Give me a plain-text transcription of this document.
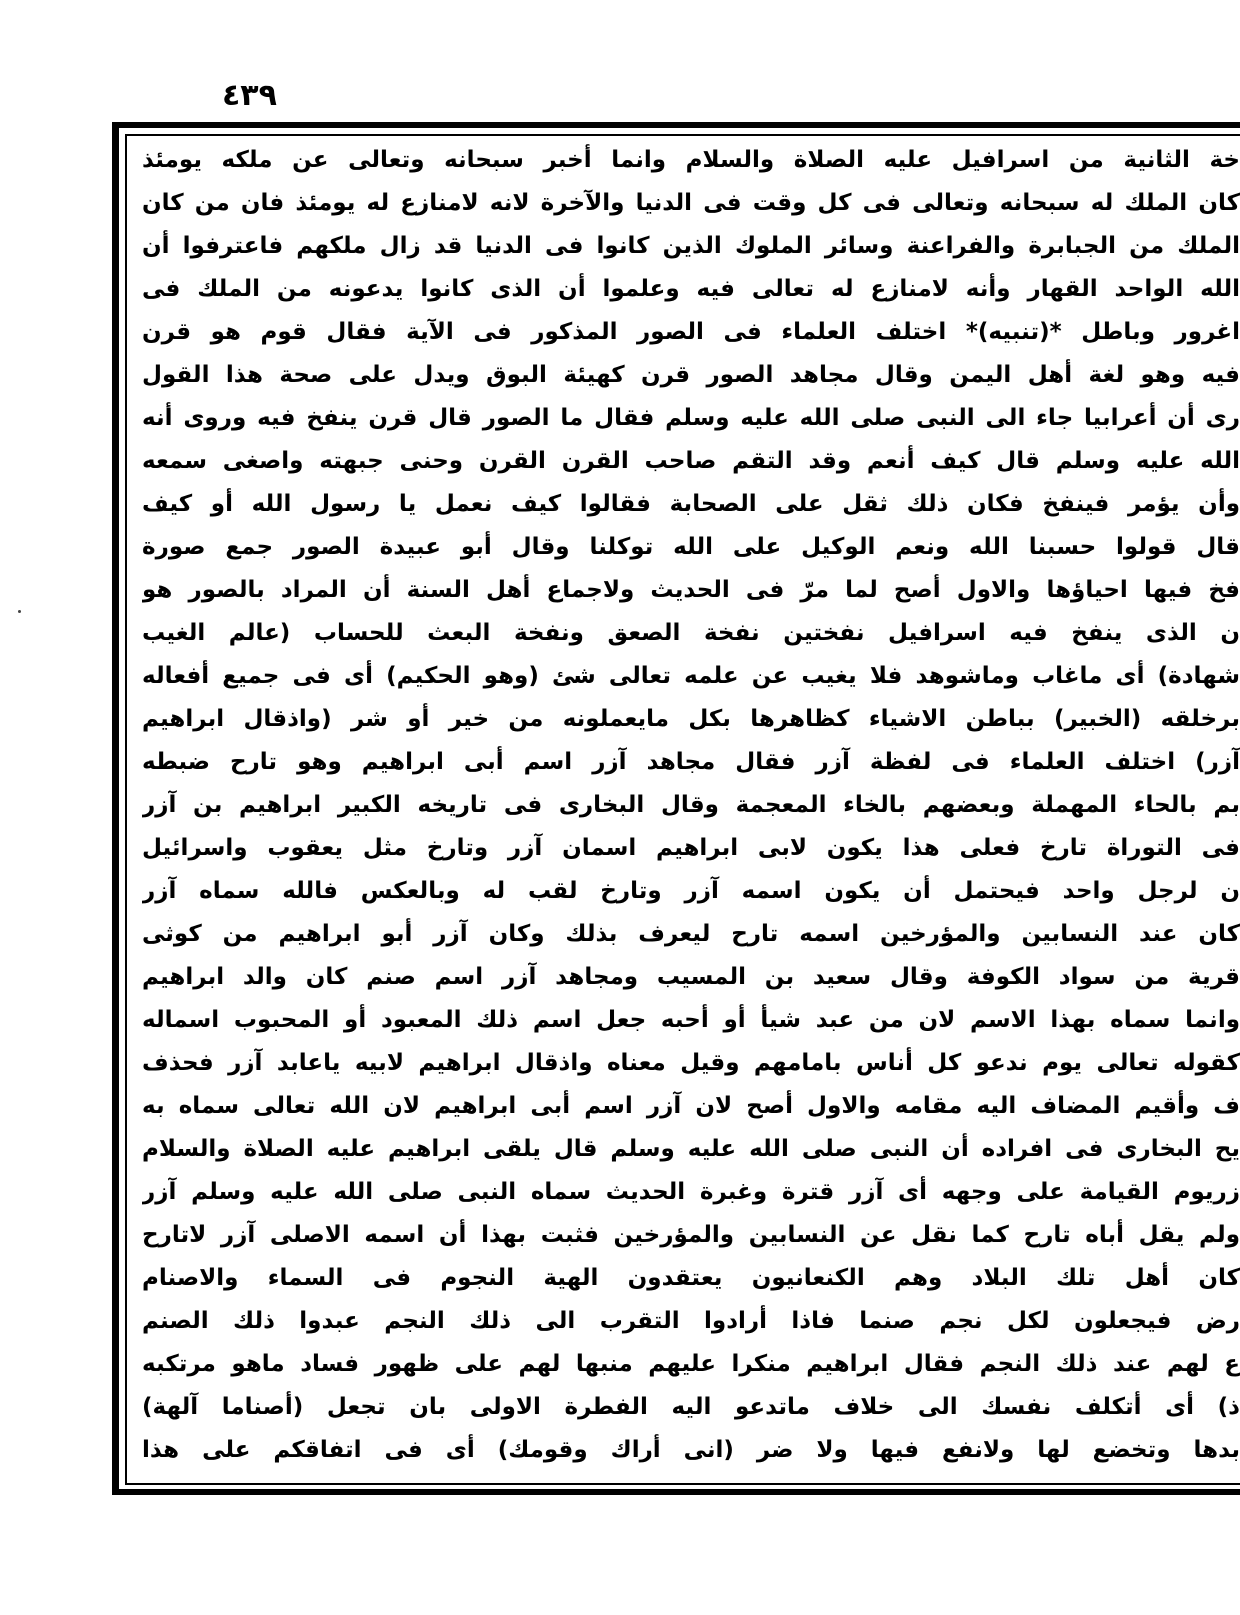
٤٣٩
خة الثانية من اسرافيل عليه الصلاة والسلام وانما أخبر سبحانه وتعالى عن ملكه يومئذ
كان الملك له سبحانه وتعالى فى كل وقت فى الدنيا والآخرة لانه لامنازع له يومئذ فان من كان
الملك من الجبابرة والفراعنة وسائر الملوك الذين كانوا فى الدنيا قد زال ملكهم فاعترفوا أن
الله الواحد القهار وأنه لامنازع له تعالى فيه وعلموا أن الذى كانوا يدعونه من الملك فى
اغرور وباطل *(تنبيه)* اختلف العلماء فى الصور المذكور فى الآية فقال قوم هو قرن
فيه وهو لغة أهل اليمن وقال مجاهد الصور قرن كهيئة البوق ويدل على صحة هذا القول
رى أن أعرابيا جاء الى النبى صلى الله عليه وسلم فقال ما الصور قال قرن ينفخ فيه وروى أنه
الله عليه وسلم قال كيف أنعم وقد التقم صاحب القرن القرن وحنى جبهته واصغى سمعه
وأن يؤمر فينفخ فكان ذلك ثقل على الصحابة فقالوا كيف نعمل يا رسول الله أو كيف
قال قولوا حسبنا الله ونعم الوكيل على الله توكلنا وقال أبو عبيدة الصور جمع صورة
فخ فيها احياؤها والاول أصح لما مرّ فى الحديث ولاجماع أهل السنة أن المراد بالصور هو
ن الذى ينفخ فيه اسرافيل نفختين نفخة الصعق ونفخة البعث للحساب (عالم الغيب
شهادة) أى ماغاب وماشوهد فلا يغيب عن علمه تعالى شئ (وهو الحكيم) أى فى جميع أفعاله
برخلقه (الخبير) بباطن الاشياء كظاهرها بكل مايعملونه من خير أو شر (واذقال ابراهيم
آزر) اختلف العلماء فى لفظة آزر فقال مجاهد آزر اسم أبى ابراهيم وهو تارح ضبطه
بم بالحاء المهملة وبعضهم بالخاء المعجمة وقال البخارى فى تاريخه الكبير ابراهيم بن آزر
فى التوراة تارخ فعلى هذا يكون لابى ابراهيم اسمان آزر وتارخ مثل يعقوب واسرائيل
ن لرجل واحد فيحتمل أن يكون اسمه آزر وتارخ لقب له وبالعكس فالله سماه آزر
كان عند النسابين والمؤرخين اسمه تارح ليعرف بذلك وكان آزر أبو ابراهيم من كوثى
قرية من سواد الكوفة وقال سعيد بن المسيب ومجاهد آزر اسم صنم كان والد ابراهيم
وانما سماه بهذا الاسم لان من عبد شيأ أو أحبه جعل اسم ذلك المعبود أو المحبوب اسماله
كقوله تعالى يوم ندعو كل أناس بامامهم وقيل معناه واذقال ابراهيم لابيه ياعابد آزر فحذف
ف وأقيم المضاف اليه مقامه والاول أصح لان آزر اسم أبى ابراهيم لان الله تعالى سماه به
يح البخارى فى افراده أن النبى صلى الله عليه وسلم قال يلقى ابراهيم عليه الصلاة والسلام
زريوم القيامة على وجهه أى آزر قترة وغبرة الحديث سماه النبى صلى الله عليه وسلم آزر
ولم يقل أباه تارح كما نقل عن النسابين والمؤرخين فثبت بهذا أن اسمه الاصلى آزر لاتارح
كان أهل تلك البلاد وهم الكنعانيون يعتقدون الهية النجوم فى السماء والاصنام
رض فيجعلون لكل نجم صنما فاذا أرادوا التقرب الى ذلك النجم عبدوا ذلك الصنم
ع لهم عند ذلك النجم فقال ابراهيم منكرا عليهم منبها لهم على ظهور فساد ماهو مرتكبه
ذ) أى أتكلف نفسك الى خلاف ماتدعو اليه الفطرة الاولى بان تجعل (أصناما آلهة)
بدها وتخضع لها ولانفع فيها ولا ضر (انى أراك وقومك) أى فى اتفاقكم على هذا
